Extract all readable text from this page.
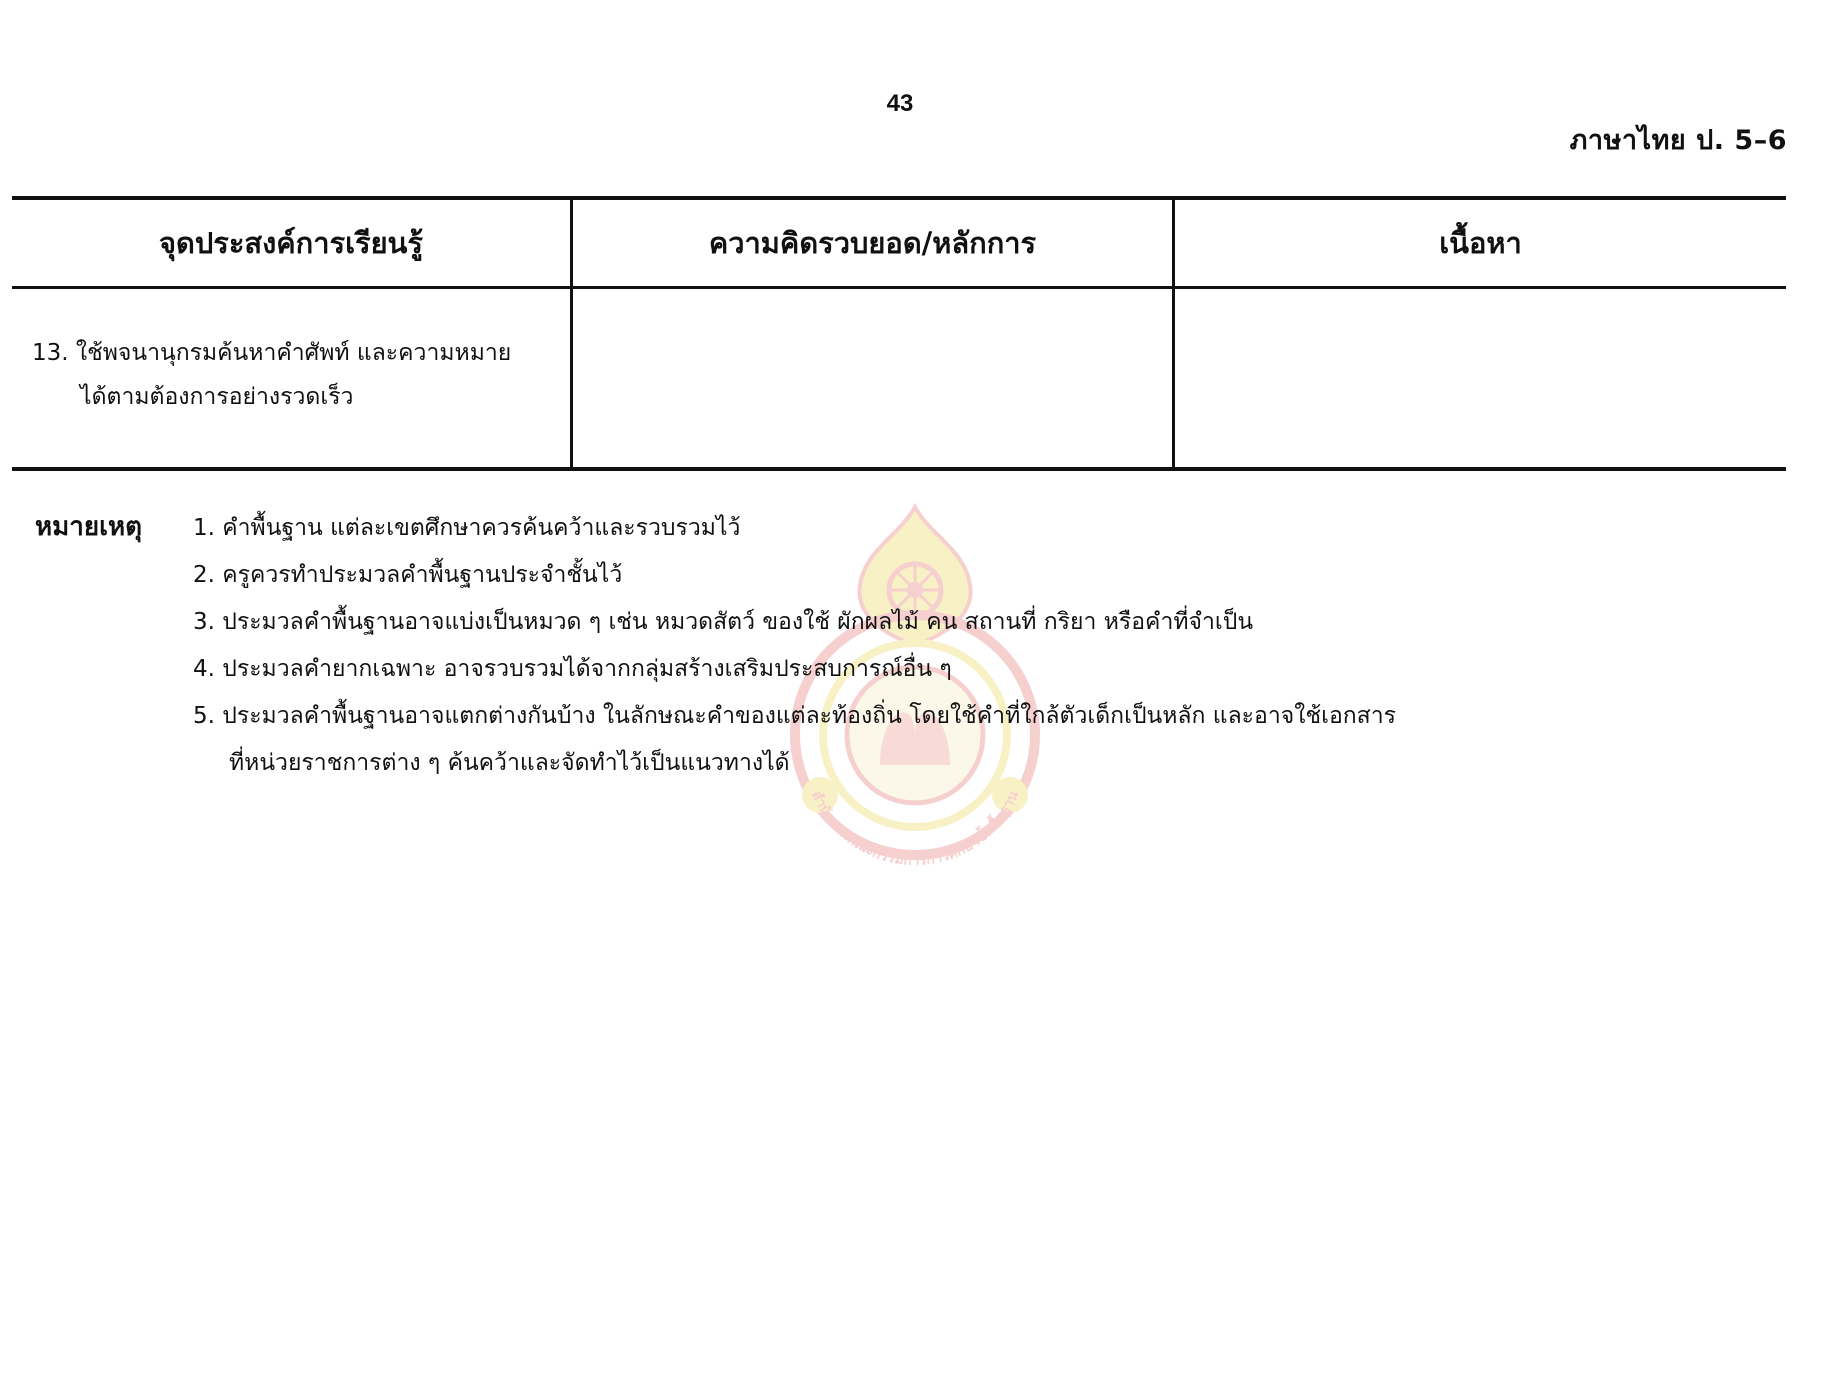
43
ภาษาไทย ป. 5–6
จุดประสงค์การเรียนรู้	ความคิดรวบยอด/หลักการ	เนื้อหา
13. ใช้พจนานุกรมค้นหาคำศัพท์ และความหมาย
ได้ตามต้องการอย่างรวดเร็ว
สำนักงานคณะกรรมการการศึกษาขั้นพื้นฐาน
หมายเหตุ 1. คำพื้นฐาน แต่ละเขตศึกษาควรค้นคว้าและรวบรวมไว้
2. ครูควรทำประมวลคำพื้นฐานประจำชั้นไว้
3. ประมวลคำพื้นฐานอาจแบ่งเป็นหมวด ๆ เช่น หมวดสัตว์ ของใช้ ผักผลไม้ คน สถานที่ กริยา หรือคำที่จำเป็น
4. ประมวลคำยากเฉพาะ อาจรวบรวมได้จากกลุ่มสร้างเสริมประสบการณ์อื่น ๆ
5. ประมวลคำพื้นฐานอาจแตกต่างกันบ้าง ในลักษณะคำของแต่ละท้องถิ่น โดยใช้คำที่ใกล้ตัวเด็กเป็นหลัก และอาจใช้เอกสาร
ที่หน่วยราชการต่าง ๆ ค้นคว้าและจัดทำไว้เป็นแนวทางได้
